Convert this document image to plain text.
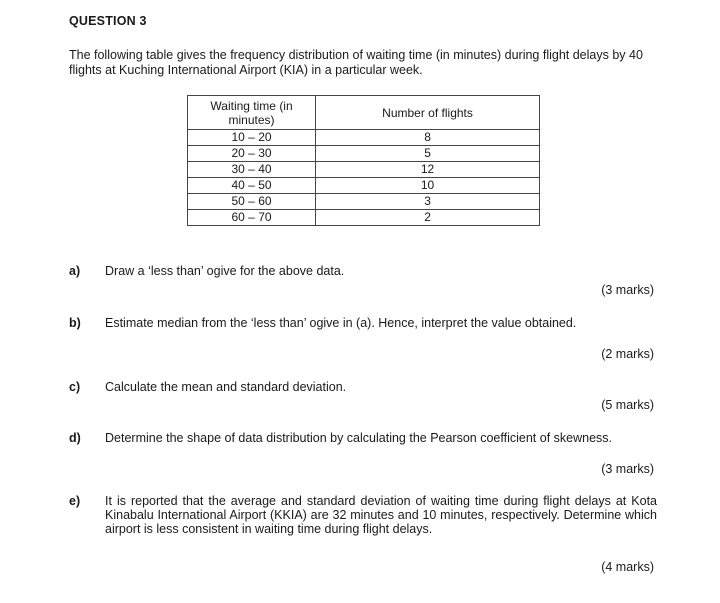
QUESTION 3
The following table gives the frequency distribution of waiting time (in minutes) during flight delays by 40 flights at Kuching International Airport (KIA) in a particular week.
Waiting time (in minutes)	Number of flights
10 – 20	8
20 – 30	5
30 – 40	12
40 – 50	10
50 – 60	3
60 – 70	2
a) Draw a ‘less than’ ogive for the above data.
(3 marks)
b) Estimate median from the ‘less than’ ogive in (a). Hence, interpret the value obtained.
(2 marks)
c) Calculate the mean and standard deviation.
(5 marks)
d) Determine the shape of data distribution by calculating the Pearson coefficient of skewness.
(3 marks)
e) It is reported that the average and standard deviation of waiting time during flight delays at Kota Kinabalu International Airport (KKIA) are 32 minutes and 10 minutes, respectively. Determine which airport is less consistent in waiting time during flight delays.
(4 marks)
